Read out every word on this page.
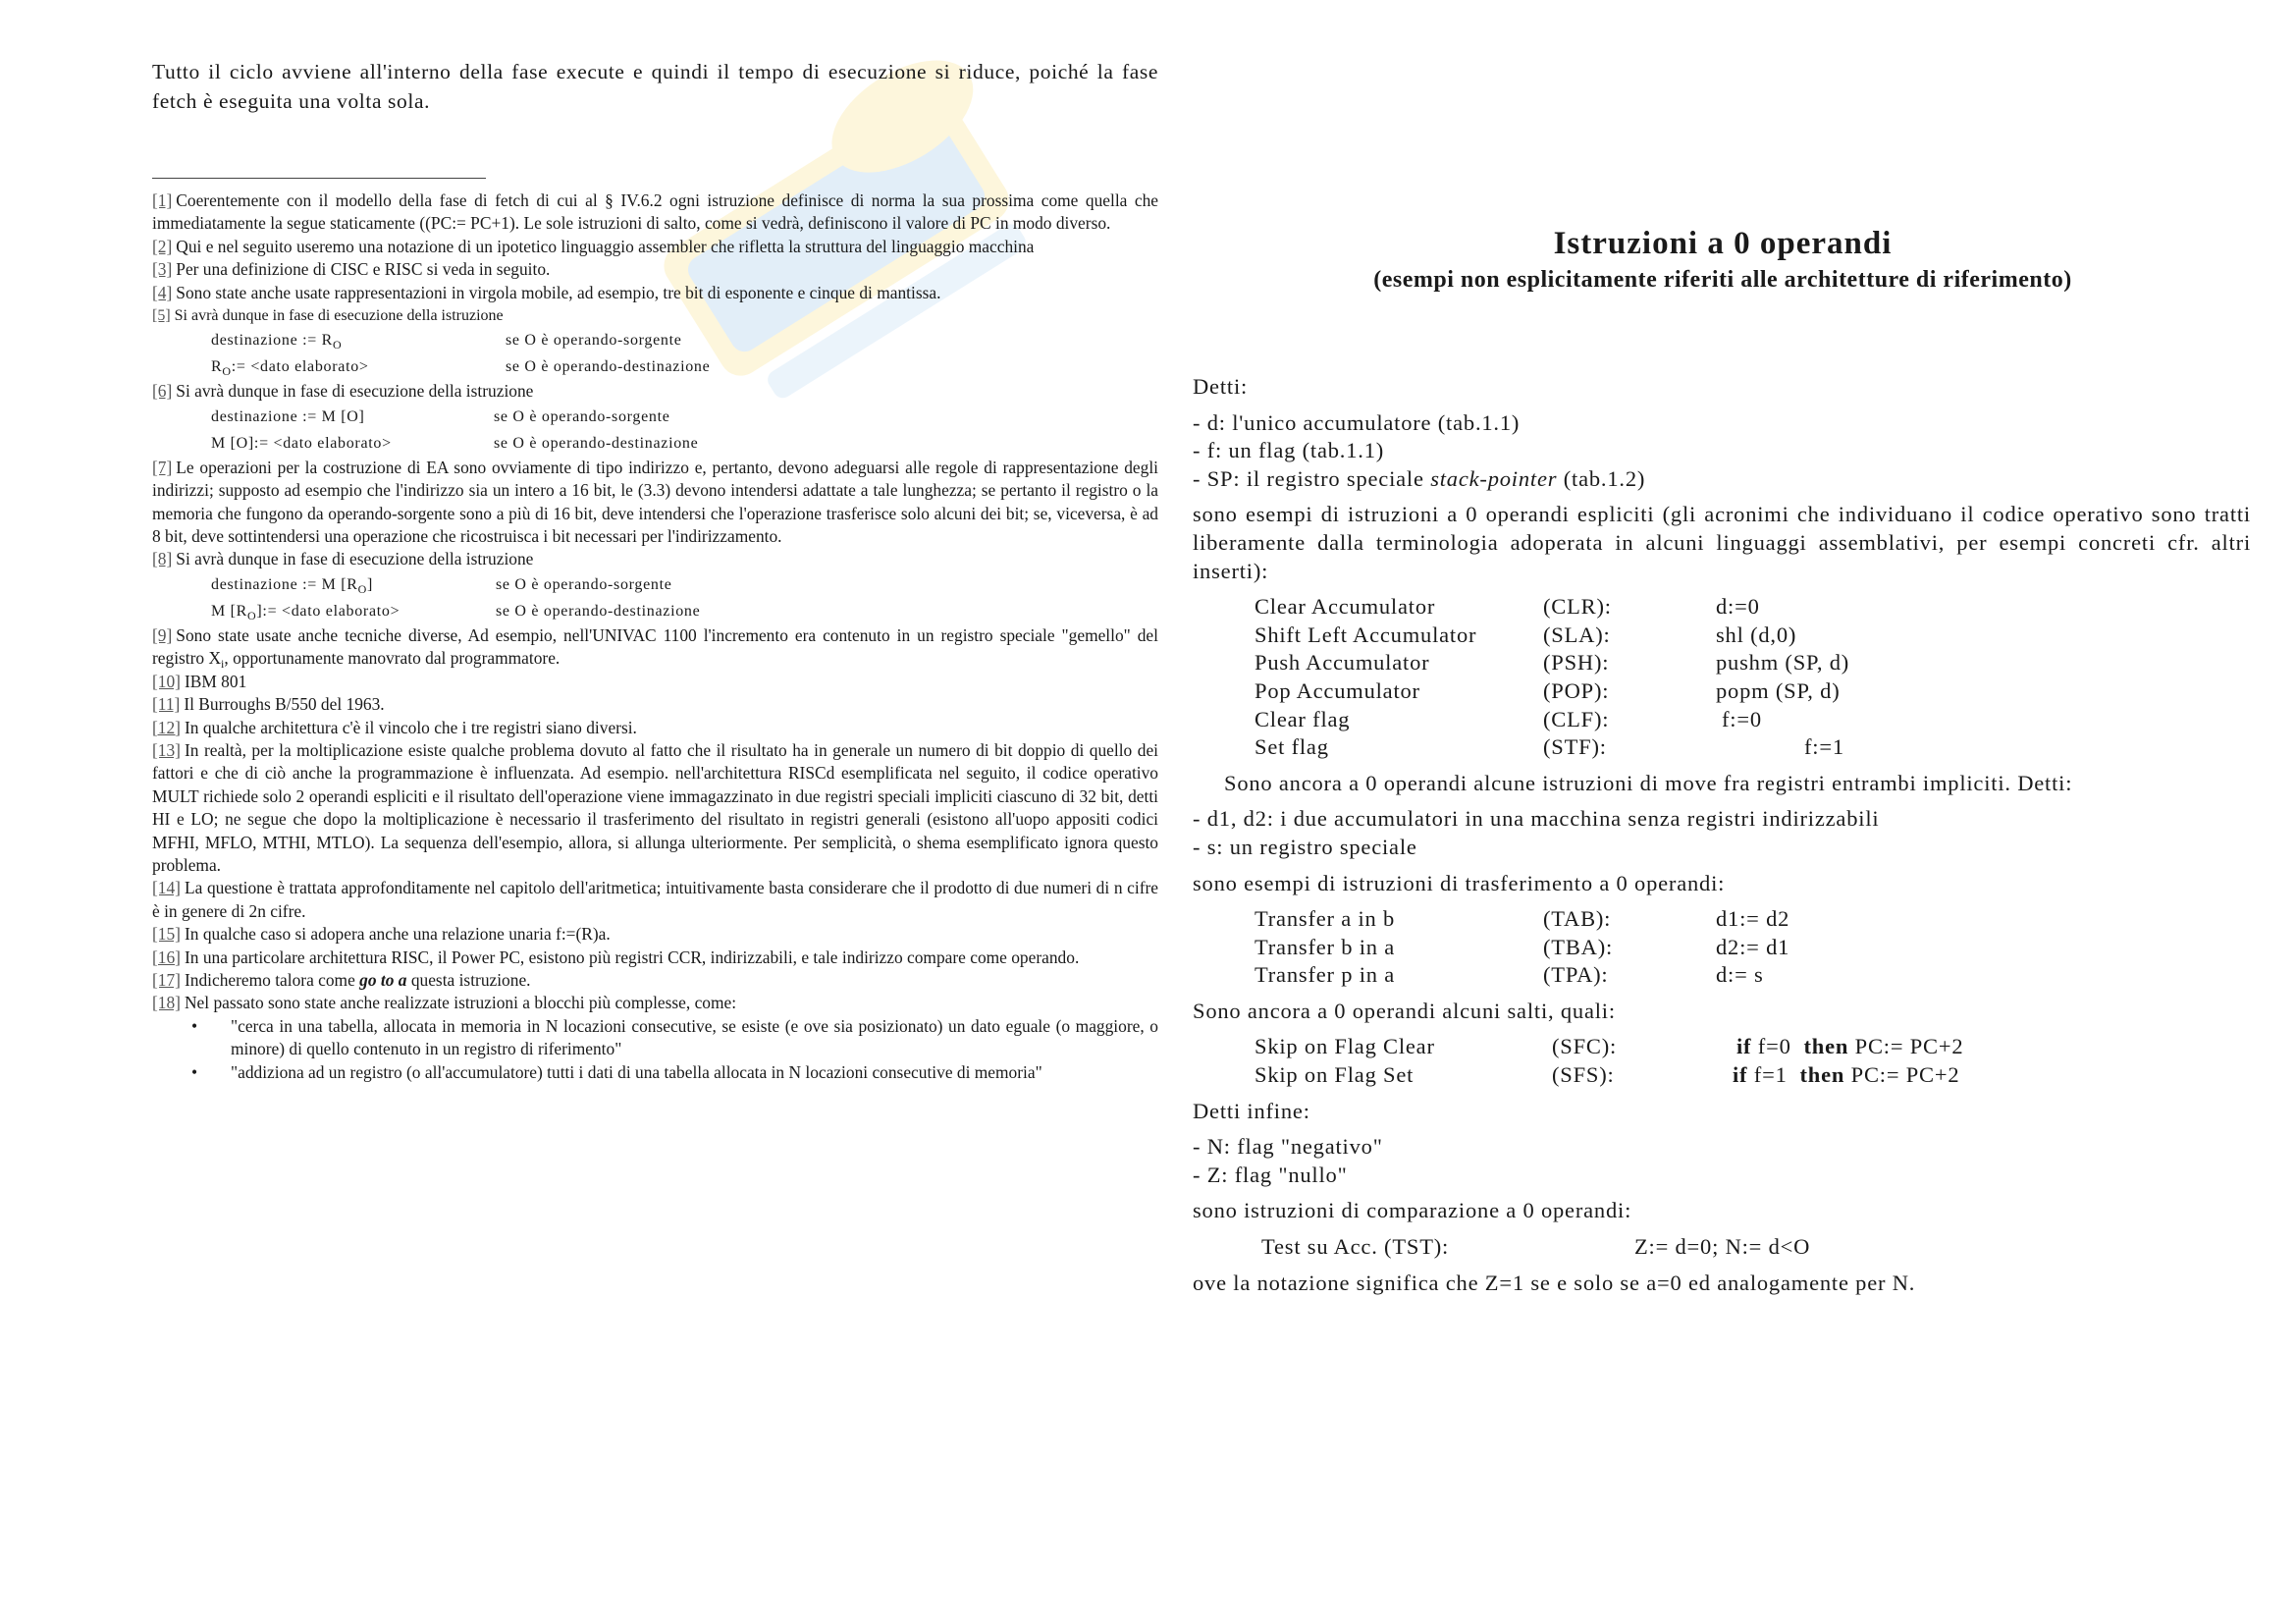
Tutto il ciclo avviene all'interno della fase execute e quindi il tempo di esecuzione si riduce, poiché la fase fetch è eseguita una volta sola.

[1] Coerentemente con il modello della fase di fetch di cui al § IV.6.2 ogni istruzione definisce di norma la sua prossima come quella che immediatamente la segue staticamente ((PC:= PC+1). Le sole istruzioni di salto, come si vedrà, definiscono il valore di PC in modo diverso.

[2] Qui e nel seguito useremo una notazione di un ipotetico linguaggio assembler che rifletta la struttura del linguaggio macchina

[3] Per una definizione di CISC e RISC si veda in seguito.

[4] Sono state anche usate rappresentazioni in virgola mobile, ad esempio, tre bit di esponente e cinque di mantissa.

[5] Si avrà dunque in fase di esecuzione della istruzione

destinazione := $R_O$	se O è operando-sorgente
$R_O:=$ <dato elaborato>	se O è operando-destinazione

[6] Si avrà dunque in fase di esecuzione della istruzione

destinazione := M [O]	se O è operando-sorgente
M [O]:= <dato elaborato>	se O è operando-destinazione

[7] Le operazioni per la costruzione di EA sono ovviamente di tipo indirizzo e, pertanto, devono adeguarsi alle regole di rappresentazione degli indirizzi; supposto ad esempio che l'indirizzo sia un intero a 16 bit, le (3.3) devono intendersi adattate a tale lunghezza; se pertanto il registro o la memoria che fungono da operando-sorgente sono a più di 16 bit, deve intendersi che l'operazione trasferisce solo alcuni dei bit; se, viceversa, è ad 8 bit, deve sottintendersi una operazione che ricostruisca i bit necessari per l'indirizzamento.

[8] Si avrà dunque in fase di esecuzione della istruzione

destinazione := M $[R_O]$	se O è operando-sorgente
M $[R_O]:=$ <dato elaborato>	se O è operando-destinazione

[9] Sono state usate anche tecniche diverse, Ad esempio, nell'UNIVAC 1100 l'incremento era contenuto in un registro speciale "gemello" del registro $X_i$, opportunamente manovrato dal programmatore.

[10] IBM 801

[11] Il Burroughs B/550 del 1963.

[12] In qualche architettura c'è il vincolo che i tre registri siano diversi.

[13] In realtà, per la moltiplicazione esiste qualche problema dovuto al fatto che il risultato ha in generale un numero di bit doppio di quello dei fattori e che di ciò anche la programmazione è influenzata. Ad esempio. nell'architettura RISCd esemplificata nel seguito, il codice operativo MULT richiede solo 2 operandi espliciti e il risultato dell'operazione viene immagazzinato in due registri speciali impliciti ciascuno di 32 bit, detti HI e LO; ne segue che dopo la moltiplicazione è necessario il trasferimento del risultato in registri generali (esistono all'uopo appositi codici MFHI, MFLO, MTHI, MTLO). La sequenza dell'esempio, allora, si allunga ulteriormente. Per semplicità, o shema esemplificato ignora questo problema.

[14] La questione è trattata approfonditamente nel capitolo dell'aritmetica; intuitivamente basta considerare che il prodotto di due numeri di n cifre è in genere di 2n cifre.

[15] In qualche caso si adopera anche una relazione unaria f:=(R)a.

[16] In una particolare architettura RISC, il Power PC, esistono più registri CCR, indirizzabili, e tale indirizzo compare come operando.

[17] Indicheremo talora come go to a questa istruzione.

[18] Nel passato sono state anche realizzate istruzioni a blocchi più complesse, come:

•	"cerca in una tabella, allocata in memoria in N locazioni consecutive, se esiste (e ove sia posizionato) un dato eguale (o maggiore, o minore) di quello contenuto in un registro di riferimento"
•	"addiziona ad un registro (o all'accumulatore) tutti i dati di una tabella allocata in N locazioni consecutive di memoria"

Istruzioni a 0 operandi

(esempi non esplicitamente riferiti alle architetture di riferimento)

Detti:

- d: l'unico accumulatore (tab.1.1)

- f: un flag (tab.1.1)

- SP: il registro speciale stack-pointer (tab.1.2)

sono esempi di istruzioni a 0 operandi espliciti (gli acronimi che individuano il codice operativo sono tratti liberamente dalla terminologia adoperata in alcuni linguaggi assemblativi, per esempi concreti cfr. altri inserti):

Clear Accumulator	(CLR):	d:=0
Shift Left Accumulator	(SLA):	shl (d,0)
Push Accumulator	(PSH):	pushm (SP, d)
Pop Accumulator	(POP):	popm (SP, d)
Clear flag	(CLF):	f:=0
Set flag	(STF):	f:=1

Sono ancora a 0 operandi alcune istruzioni di move fra registri entrambi impliciti. Detti:

- d1, d2: i due accumulatori in una macchina senza registri indirizzabili

- s: un registro speciale

sono esempi di istruzioni di trasferimento a 0 operandi:

Transfer a in b	(TAB):	d1:= d2
Transfer b in a	(TBA):	d2:= d1
Transfer p in a	(TPA):	d:= s

Sono ancora a 0 operandi alcuni salti, quali:

Skip on Flag Clear	(SFC):	if f=0 then PC:= PC+2
Skip on Flag Set	(SFS):	if f=1 then PC:= PC+2

Detti infine:

- N: flag "negativo"

- Z: flag "nullo"

sono istruzioni di comparazione a 0 operandi:

Test su Acc. (TST):	Z:= d=0; N:= d<O

ove la notazione significa che Z=1 se e solo se a=0 ed analogamente per N.
